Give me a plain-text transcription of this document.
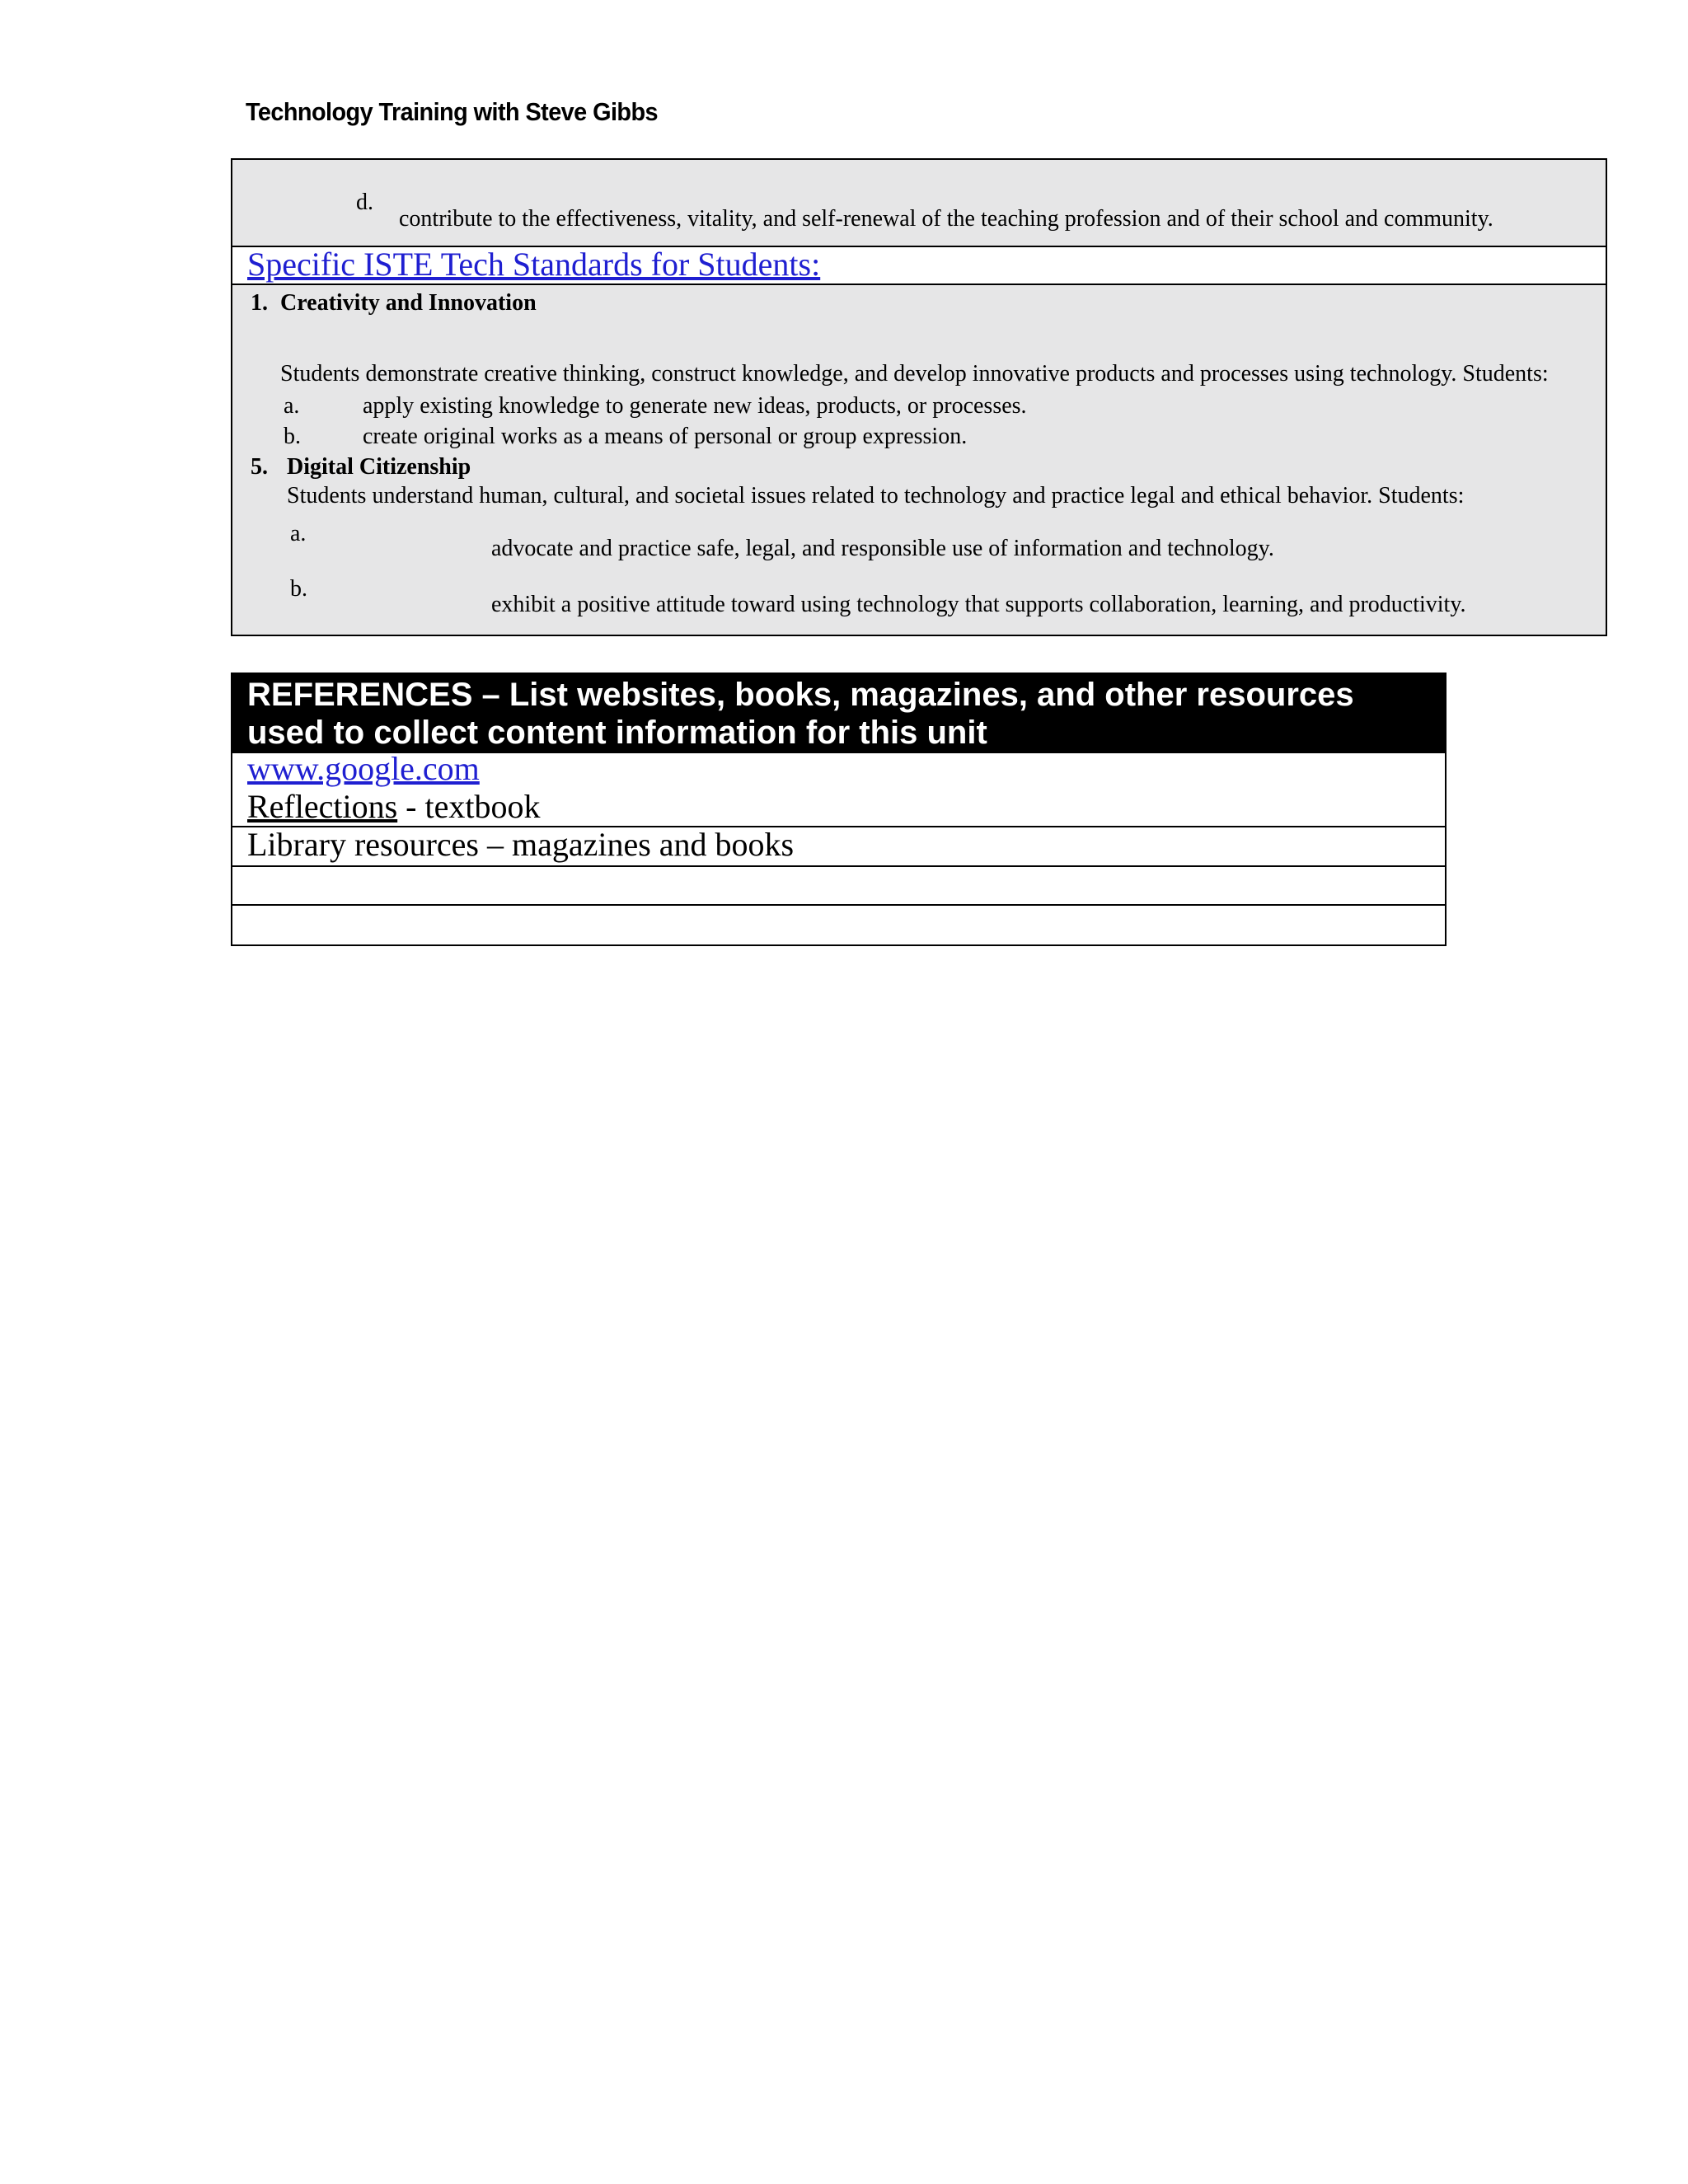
Technology Training with Steve Gibbs
d.
contribute to the effectiveness, vitality, and self-renewal of the teaching profession and of their school and community.
Specific ISTE Tech Standards for Students:
1. Creativity and Innovation
Students demonstrate creative thinking, construct knowledge, and develop innovative products and processes using technology. Students:
a.	apply existing knowledge to generate new ideas, products, or processes.
b.	create original works as a means of personal or group expression.
5. Digital Citizenship
Students understand human, cultural, and societal issues related to technology and practice legal and ethical behavior. Students:
a.
advocate and practice safe, legal, and responsible use of information and technology.
b.
exhibit a positive attitude toward using technology that supports collaboration, learning, and productivity.
REFERENCES – List websites, books, magazines, and other resources
used to collect content information for this unit
www.google.com
Reflections - textbook
Library resources – magazines and books
